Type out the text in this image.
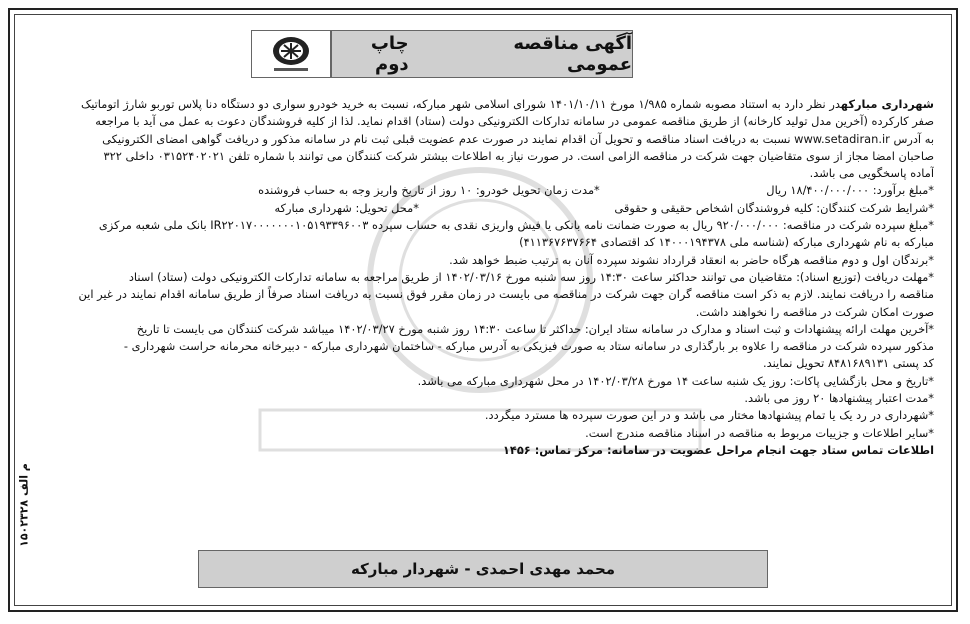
آگهی مناقصه عمومی
چاپ دوم

شهرداری مبارکهدر نظر دارد به استناد مصوبه شماره ۱/۹۸۵ مورخ ۱۴۰۱/۱۰/۱۱ شورای اسلامی شهر مبارکه، نسبت به خرید خودرو سواری دو دستگاه دنا پلاس توربو شارژ اتوماتیک

صفر کارکرده (آخرین مدل تولید کارخانه) از طریق مناقصه عمومی در سامانه تدارکات الکترونیکی دولت (ستاد) اقدام نماید. لذا از کلیه فروشندگان دعوت به عمل می آید با مراجعه

به آدرس www.setadiran.ir نسبت به دریافت اسناد مناقصه و تحویل آن اقدام نمایند در صورت عدم عضویت قبلی ثبت نام در سامانه مذکور و دریافت گواهی امضای الکترونیکی

صاحبان امضا مجاز از سوی متقاضیان جهت شرکت در مناقصه الزامی است. در صورت نیاز به اطلاعات بیشتر شرکت کنندگان می توانند با شماره تلفن ۰۳۱۵۲۴۰۲۰۲۱ داخلی ۳۲۲

آماده پاسخگویی می باشد.

*مبلغ برآورد: ۱۸/۴۰۰/۰۰۰/۰۰۰ ریال                                              *مدت زمان تحویل خودرو: ۱۰ روز از تاریخ واریز وجه به حساب فروشنده

*شرایط شرکت کنندگان: کلیه فروشندگان اشخاص حقیقی و حقوقی                                                      *محل تحویل: شهرداری مبارکه

*مبلغ سپرده شرکت در مناقصه: ۹۲۰/۰۰۰/۰۰۰ ریال به صورت ضمانت نامه بانکی یا فیش واریزی نقدی به حساب سپرده IR۲۲۰۱۷۰۰۰۰۰۰۰۱۰۵۱۹۳۳۹۶۰۰۳ بانک ملی شعبه مرکزی

مبارکه به نام شهرداری مبارکه (شناسه ملی ۱۴۰۰۰۱۹۴۳۷۸ کد اقتصادی ۴۱۱۳۶۷۶۳۷۶۶۴)

*برندگان اول و دوم مناقصه هرگاه حاضر به انعقاد قرارداد نشوند سپرده آنان به ترتیب ضبط خواهد شد.

*مهلت دریافت (توزیع اسناد): متقاضیان می توانند حداکثر ساعت ۱۴:۳۰ روز سه شنبه مورخ ۱۴۰۲/۰۳/۱۶ از طریق مراجعه به سامانه تدارکات الکترونیکی دولت (ستاد) اسناد

مناقصه را دریافت نمایند. لازم به ذکر است مناقصه گران جهت شرکت در مناقصه می بایست در زمان مقرر فوق نسبت به دریافت اسناد صرفاً از طریق سامانه اقدام نمایند در غیر این

صورت امکان شرکت در مناقصه را نخواهند داشت.

*آخرین مهلت ارائه پیشنهادات و ثبت اسناد و مدارک در سامانه ستاد ایران: حداکثر تا ساعت ۱۴:۳۰ روز شنبه مورخ ۱۴۰۲/۰۳/۲۷ میباشد شرکت کنندگان می بایست تا تاریخ

مذکور سپرده شرکت در مناقصه را علاوه بر بارگذاری در سامانه ستاد به صورت فیزیکی به آدرس مبارکه - ساختمان شهرداری مبارکه - دبیرخانه محرمانه حراست شهرداری -

کد پستی ۸۴۸۱۶۸۹۱۳۱ تحویل نمایند.

*تاریخ و محل بازگشایی پاکات: روز یک شنبه ساعت ۱۴ مورخ ۱۴۰۲/۰۳/۲۸ در محل شهرداری مبارکه می باشد.

*مدت اعتبار پیشنهادها ۲۰ روز می باشد.

*شهرداری در رد یک یا تمام پیشنهادها مختار می باشد و در این صورت سپرده ها مسترد میگردد.

*سایر اطلاعات و جزییات مربوط به مناقصه در اسناد مناقصه مندرج است.

اطلاعات تماس ستاد جهت انجام مراحل عضویت در سامانه: مرکز تماس: ۱۴۵۶

م الف ۱۵۰۲۳۲۸
محمد مهدی احمدی - شهردار مبارکه
